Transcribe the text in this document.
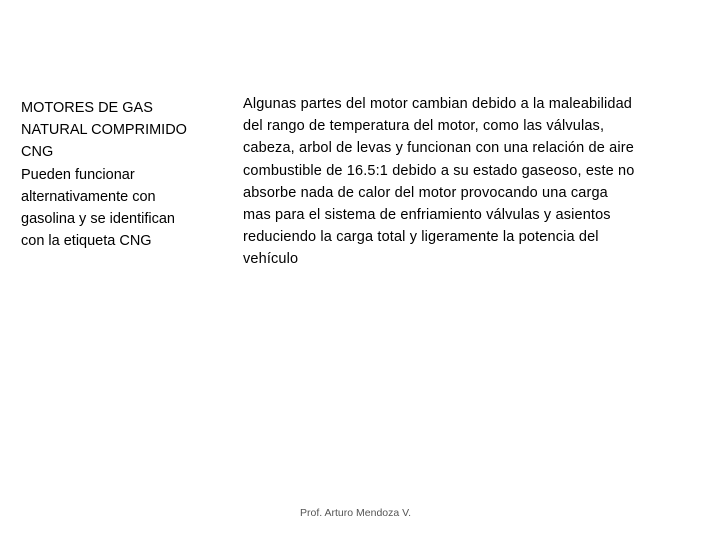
MOTORES DE GAS
NATURAL COMPRIMIDO
CNG
Pueden funcionar
alternativamente con
gasolina y se identifican
con la etiqueta CNG
Algunas partes del motor cambian debido a la maleabilidad
del rango de temperatura del motor, como las válvulas,
cabeza, arbol de levas y funcionan con una relación de aire
combustible de 16.5:1 debido a su estado gaseoso, este no
absorbe nada de calor del motor provocando una carga
mas para el sistema de enfriamiento válvulas y asientos
reduciendo la carga total y ligeramente la potencia del
vehículo
Prof. Arturo Mendoza V.
